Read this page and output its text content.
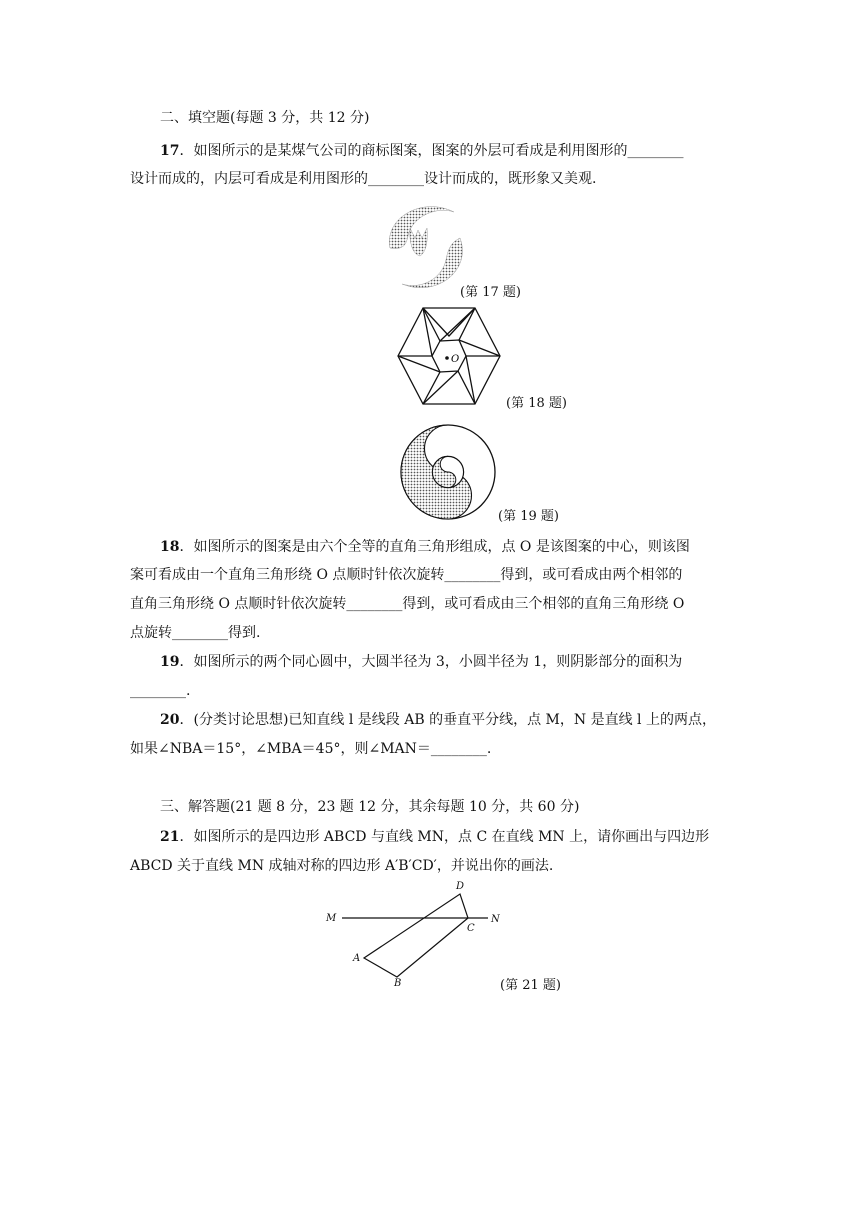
二、填空题(每题 3 分，共 12 分)
17．如图所示的是某煤气公司的商标图案，图案的外层可看成是利用图形的________
设计而成的，内层可看成是利用图形的________设计而成的，既形象又美观.
(第 17 题)
O
(第 18 题)
(第 19 题)
18．如图所示的图案是由六个全等的直角三角形组成，点 O 是该图案的中心，则该图
案可看成由一个直角三角形绕 O 点顺时针依次旋转________得到，或可看成由两个相邻的
直角三角形绕 O 点顺时针依次旋转________得到，或可看成由三个相邻的直角三角形绕 O
点旋转________得到.
19．如图所示的两个同心圆中，大圆半径为 3，小圆半径为 1，则阴影部分的面积为
________.
20．(分类讨论思想)已知直线 l 是线段 AB 的垂直平分线，点 M，N 是直线 l 上的两点，
如果∠NBA＝15°，∠MBA＝45°，则∠MAN＝________.
三、解答题(21 题 8 分，23 题 12 分，其余每题 10 分，共 60 分)
21．如图所示的是四边形 ABCD 与直线 MN，点 C 在直线 MN 上，请你画出与四边形
ABCD 关于直线 MN 成轴对称的四边形 A′B′CD′，并说出你的画法.
M	N
A
B
C
D
(第 21 题)
